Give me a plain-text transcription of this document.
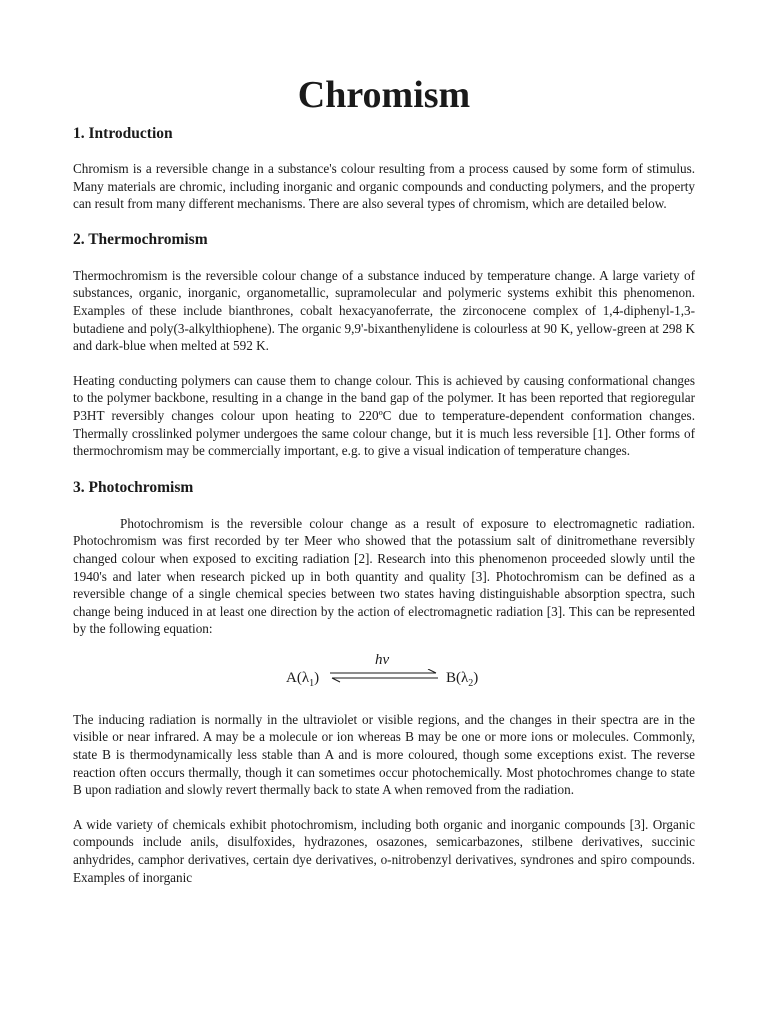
Chromism
1. Introduction

Chromism is a reversible change in a substance's colour resulting from a process caused by some form of stimulus. Many materials are chromic, including inorganic and organic compounds and conducting polymers, and the property can result from many different mechanisms. There are also several types of chromism, which are detailed below.

2. Thermochromism

Thermochromism is the reversible colour change of a substance induced by temperature change. A large variety of substances, organic, inorganic, organometallic, supramolecular and polymeric systems exhibit this phenomenon. Examples of these include bianthrones, cobalt hexacyanoferrate, the zirconocene complex of 1,4-diphenyl-1,3-butadiene and poly(3-alkylthiophene). The organic 9,9'-bixanthenylidene is colourless at 90 K, yellow-green at 298 K and dark-blue when melted at 592 K.

Heating conducting polymers can cause them to change colour. This is achieved by causing conformational changes to the polymer backbone, resulting in a change in the band gap of the polymer. It has been reported that regioregular P3HT reversibly changes colour upon heating to 220ºC due to temperature-dependent conformation changes. Thermally crosslinked polymer undergoes the same colour change, but it is much less reversible [1]. Other forms of thermochromism may be commercially important, e.g. to give a visual indication of temperature changes.

3. Photochromism

Photochromism is the reversible colour change as a result of exposure to electromagnetic radiation. Photochromism was first recorded by ter Meer who showed that the potassium salt of dinitromethane reversibly changed colour when exposed to exciting radiation [2]. Research into this phenomenon proceeded slowly until the 1940's and later when research picked up in both quantity and quality [3]. Photochromism can be defined as a reversible change of a single chemical species between two states having distinguishable absorption spectra, such change being induced in at least one direction by the action of electromagnetic radiation [3]. This can be represented by the following equation:

hν
$A(\lambda_1)$	$B(\lambda_2)$

The inducing radiation is normally in the ultraviolet or visible regions, and the changes in their spectra are in the visible or near infrared. A may be a molecule or ion whereas B may be one or more ions or molecules. Commonly, state B is thermodynamically less stable than A and is more coloured, though some exceptions exist. The reverse reaction often occurs thermally, though it can sometimes occur photochemically. Most photochromes change to state B upon radiation and slowly revert thermally back to state A when removed from the radiation.

A wide variety of chemicals exhibit photochromism, including both organic and inorganic compounds [3]. Organic compounds include anils, disulfoxides, hydrazones, osazones, semicarbazones, stilbene derivatives, succinic anhydrides, camphor derivatives, certain dye derivatives, o-nitrobenzyl derivatives, syndrones and spiro compounds. Examples of inorganic
